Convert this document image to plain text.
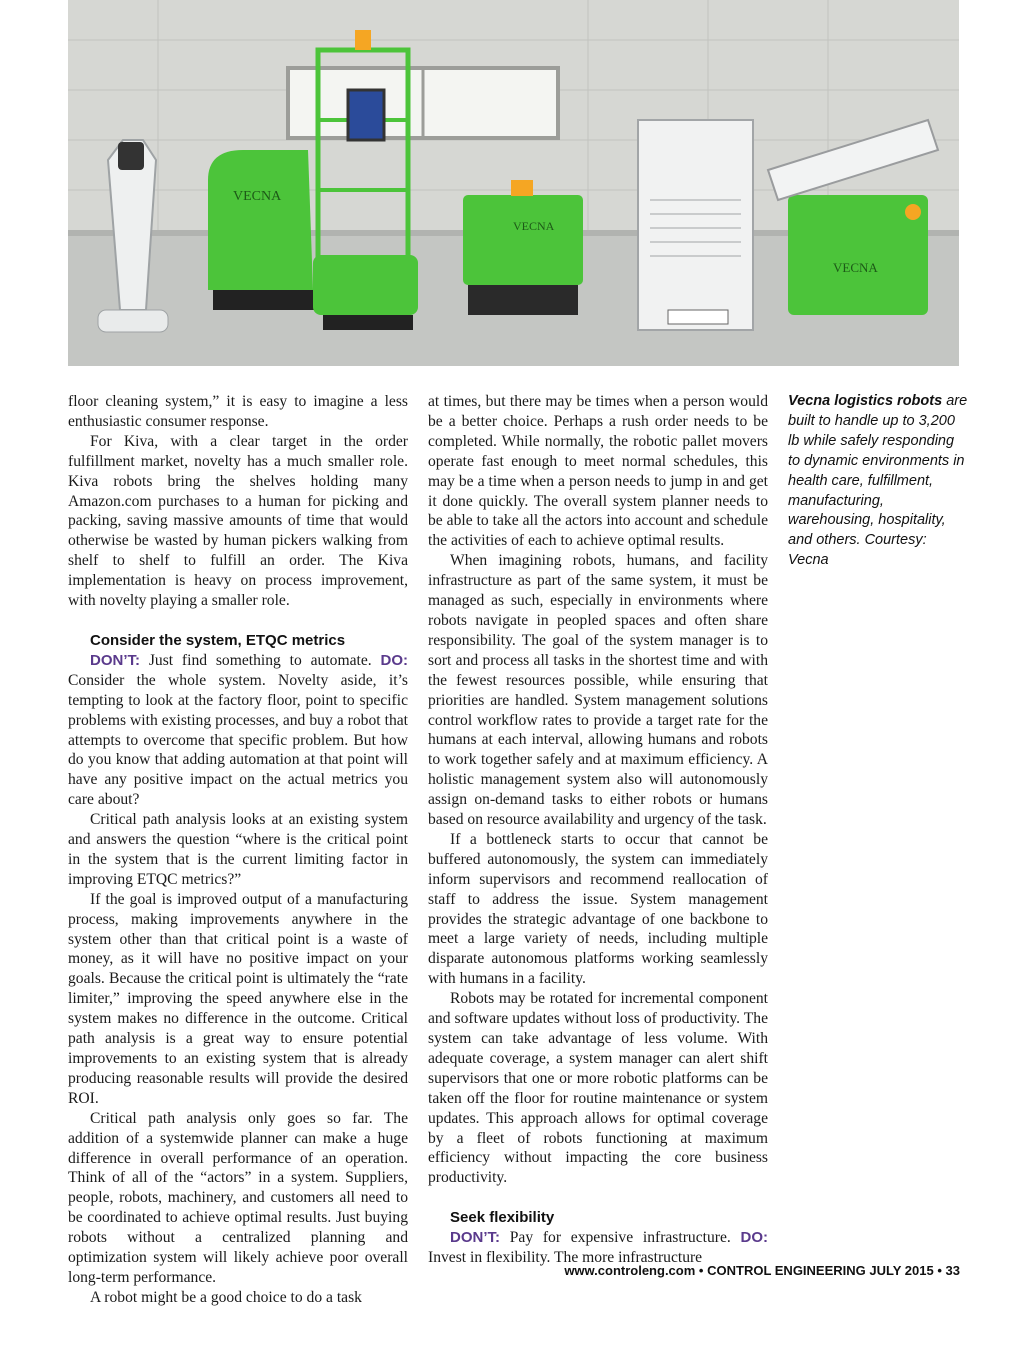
VECNA
VECNA
VECNA

floor cleaning system,” it is easy to imagine a less enthusiastic consumer response.

For Kiva, with a clear target in the order fulfillment market, novelty has a much smaller role. Kiva robots bring the shelves holding many Amazon.com purchases to a human for picking and packing, saving massive amounts of time that would otherwise be wasted by human pickers walking from shelf to shelf to fulfill an order. The Kiva implementation is heavy on process improvement, with novelty playing a smaller role.

Consider the system, ETQC metrics

DON’T: Just find something to automate. DO: Consider the whole system. Novelty aside, it’s tempting to look at the factory floor, point to specific problems with existing processes, and buy a robot that attempts to overcome that specific problem. But how do you know that adding automation at that point will have any positive impact on the actual metrics you care about?

Critical path analysis looks at an existing system and answers the question “where is the critical point in the system that is the current limiting factor in improving ETQC metrics?”

If the goal is improved output of a manufacturing process, making improvements anywhere in the system other than that critical point is a waste of money, as it will have no positive impact on your goals. Because the critical point is ultimately the “rate limiter,” improving the speed anywhere else in the system makes no difference in the outcome. Critical path analysis is a great way to ensure potential improvements to an existing system that is already producing reasonable results will provide the desired ROI.

Critical path analysis only goes so far. The addition of a systemwide planner can make a huge difference in overall performance of an operation. Think of all of the “actors” in a system. Suppliers, people, robots, machinery, and customers all need to be coordinated to achieve optimal results. Just buying robots without a centralized planning and optimization system will likely achieve poor overall long-term performance.

A robot might be a good choice to do a task

at times, but there may be times when a person would be a better choice. Perhaps a rush order needs to be completed. While normally, the robotic pallet movers operate fast enough to meet normal schedules, this may be a time when a person needs to jump in and get it done quickly. The overall system planner needs to be able to take all the actors into account and schedule the activities of each to achieve optimal results.

When imagining robots, humans, and facility infrastructure as part of the same system, it must be managed as such, especially in environments where robots navigate in peopled spaces and often share responsibility. The goal of the system manager is to sort and process all tasks in the shortest time and with the fewest resources possible, while ensuring that priorities are handled. System management solutions control workflow rates to provide a target rate for the humans at each interval, allowing humans and robots to work together safely and at maximum efficiency. A holistic management system also will autonomously assign on-demand tasks to either robots or humans based on resource availability and urgency of the task.

If a bottleneck starts to occur that cannot be buffered autonomously, the system can immediately inform supervisors and recommend reallocation of staff to address the issue. System management provides the strategic advantage of one backbone to meet a large variety of needs, including multiple disparate autonomous platforms working seamlessly with humans in a facility.

Robots may be rotated for incremental component and software updates without loss of productivity. The system can take advantage of less volume. With adequate coverage, a system manager can alert shift supervisors that one or more robotic platforms can be taken off the floor for routine maintenance or system updates. This approach allows for optimal coverage by a fleet of robots functioning at maximum efficiency without impacting the core business productivity.

Seek flexibility

DON’T: Pay for expensive infrastructure. DO: Invest in flexibility. The more infrastructure

Vecna logistics robots are built to handle up to 3,200 lb while safely responding to dynamic environments in health care, fulfillment, manufacturing, warehousing, hospitality, and others. Courtesy: Vecna
www.controleng.com • CONTROL ENGINEERING JULY 2015 • 33
